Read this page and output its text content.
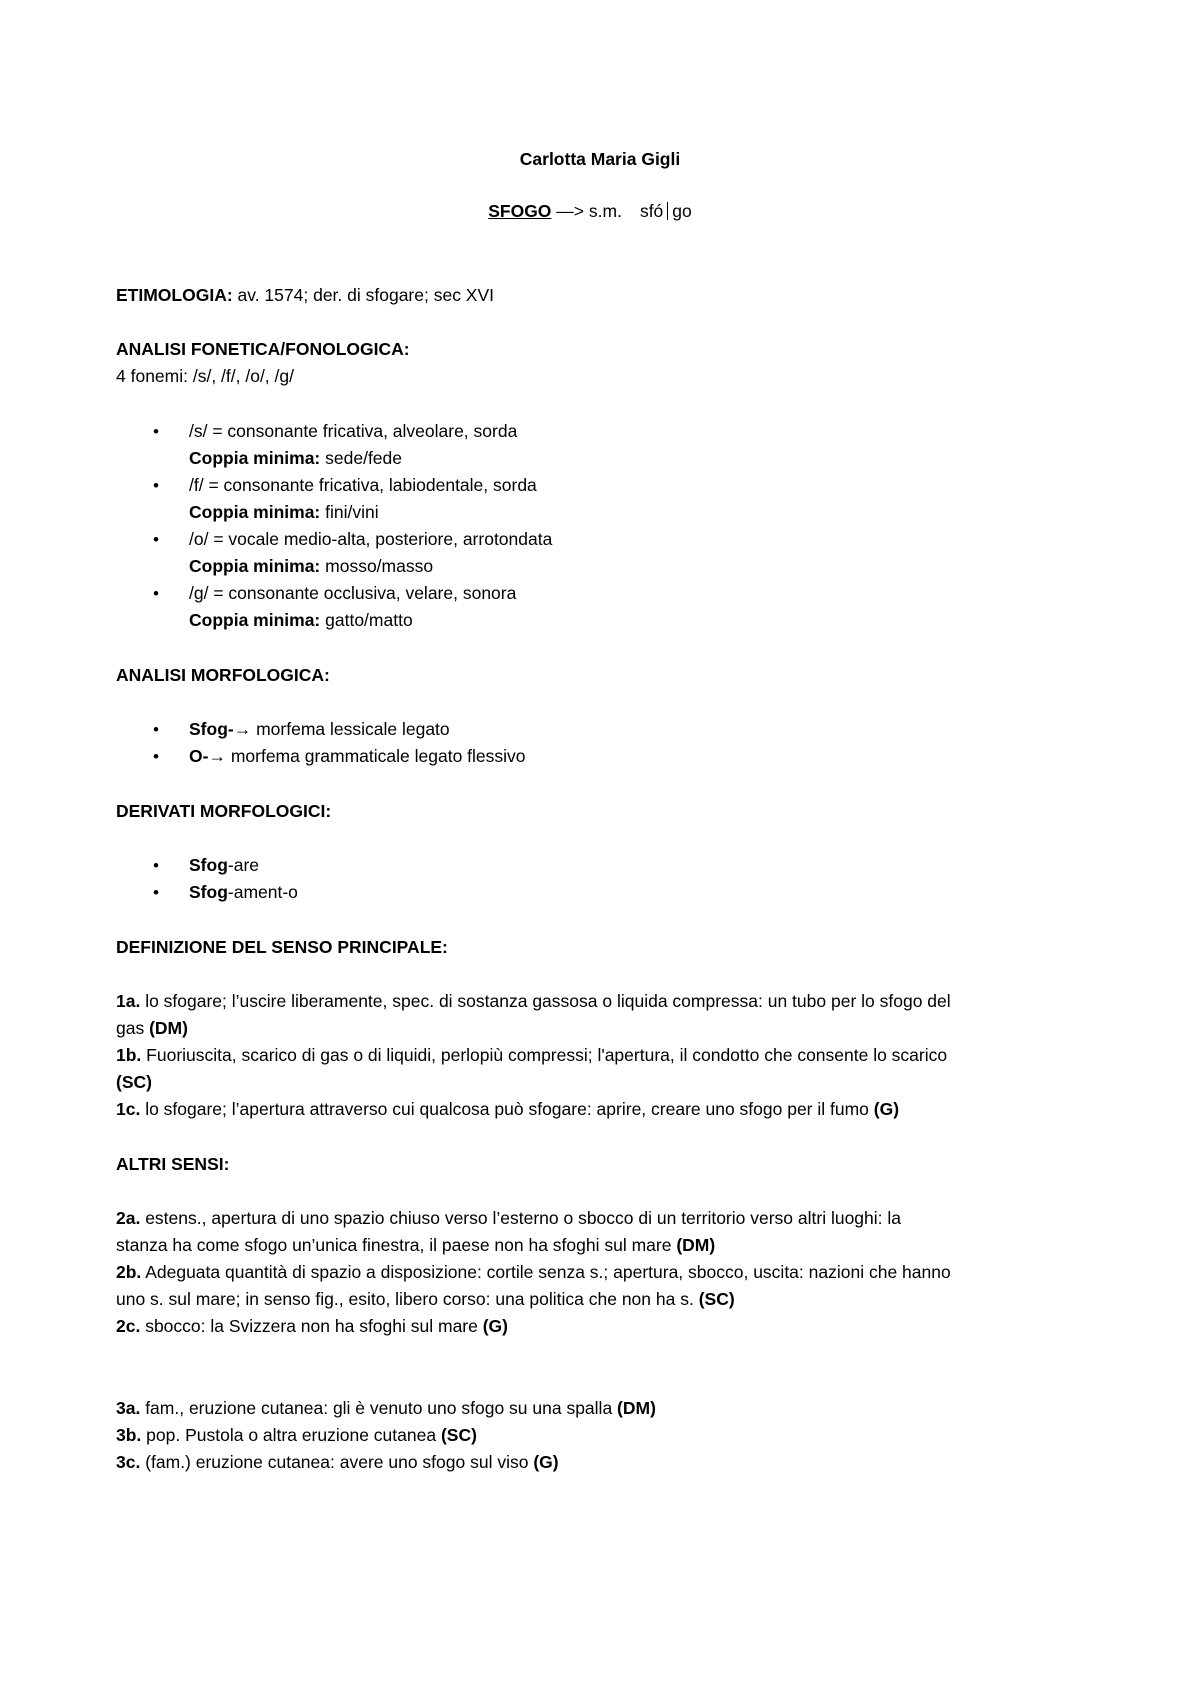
Carlotta Maria Gigli
SFOGO —> s.m. sfó go
ETIMOLOGIA: av. 1574; der. di sfogare; sec XVI
ANALISI FONETICA/FONOLOGICA:
4 fonemi: /s/, /f/, /o/, /g/
• /s/ = consonante fricativa, alveolare, sorda
Coppia minima: sede/fede
• /f/ = consonante fricativa, labiodentale, sorda
Coppia minima: fini/vini
• /o/ = vocale medio-alta, posteriore, arrotondata
Coppia minima: mosso/masso
• /g/ = consonante occlusiva, velare, sonora
Coppia minima: gatto/matto
ANALISI MORFOLOGICA:
• Sfog-→ morfema lessicale legato
• O-→ morfema grammaticale legato flessivo
DERIVATI MORFOLOGICI:
• Sfog-are
• Sfog-ament-o
DEFINIZIONE DEL SENSO PRINCIPALE:
1a. lo sfogare; l’uscire liberamente, spec. di sostanza gassosa o liquida compressa: un tubo per lo sfogo del
gas (DM)
1b. Fuoriuscita, scarico di gas o di liquidi, perlopiù compressi; l'apertura, il condotto che consente lo scarico
(SC)
1c. lo sfogare; l’apertura attraverso cui qualcosa può sfogare: aprire, creare uno sfogo per il fumo (G)
ALTRI SENSI:
2a. estens., apertura di uno spazio chiuso verso l’esterno o sbocco di un territorio verso altri luoghi: la
stanza ha come sfogo un’unica finestra, il paese non ha sfoghi sul mare (DM)
2b. Adeguata quantità di spazio a disposizione: cortile senza s.; apertura, sbocco, uscita: nazioni che hanno
uno s. sul mare; in senso fig., esito, libero corso: una politica che non ha s. (SC)
2c. sbocco: la Svizzera non ha sfoghi sul mare (G)
3a. fam., eruzione cutanea: gli è venuto uno sfogo su una spalla (DM)
3b. pop. Pustola o altra eruzione cutanea (SC)
3c. (fam.) eruzione cutanea: avere uno sfogo sul viso (G)
